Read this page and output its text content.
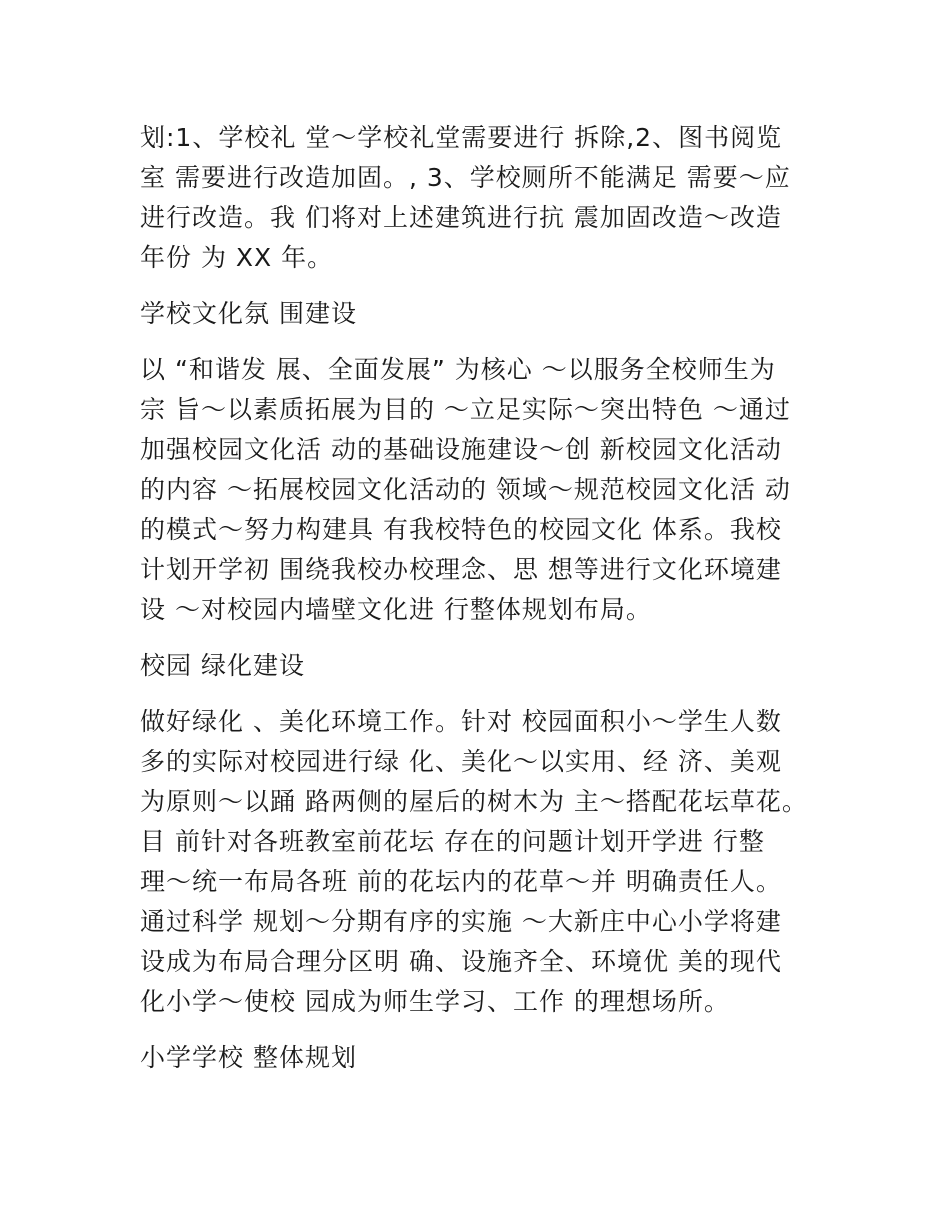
划:1、学校礼 堂～学校礼堂需要进行 拆除,2、图书阅览
室 需要进行改造加固。, 3、学校厕所不能满足 需要～应
进行改造。我 们将对上述建筑进行抗 震加固改造～改造
年份 为 XX 年。
学校文化氛 围建设
以 “和谐发 展、全面发展” 为核心 ～以服务全校师生为
宗 旨～以素质拓展为目的 ～立足实际～突出特色 ～通过
加强校园文化活 动的基础设施建设～创 新校园文化活动
的内容 ～拓展校园文化活动的 领域～规范校园文化活 动
的模式～努力构建具 有我校特色的校园文化 体系。我校
计划开学初 围绕我校办校理念、思 想等进行文化环境建
设 ～对校园内墙壁文化进 行整体规划布局。
校园 绿化建设
做好绿化 、美化环境工作。针对 校园面积小～学生人数
多的实际对校园进行绿 化、美化～以实用、经 济、美观
为原则～以踊 路两侧的屋后的树木为 主～搭配花坛草花。
目 前针对各班教室前花坛 存在的问题计划开学进 行整
理～统一布局各班 前的花坛内的花草～并 明确责任人。
通过科学 规划～分期有序的实施 ～大新庄中心小学将建
设成为布局合理分区明 确、设施齐全、环境优 美的现代
化小学～使校 园成为师生学习、工作 的理想场所。
小学学校 整体规划
